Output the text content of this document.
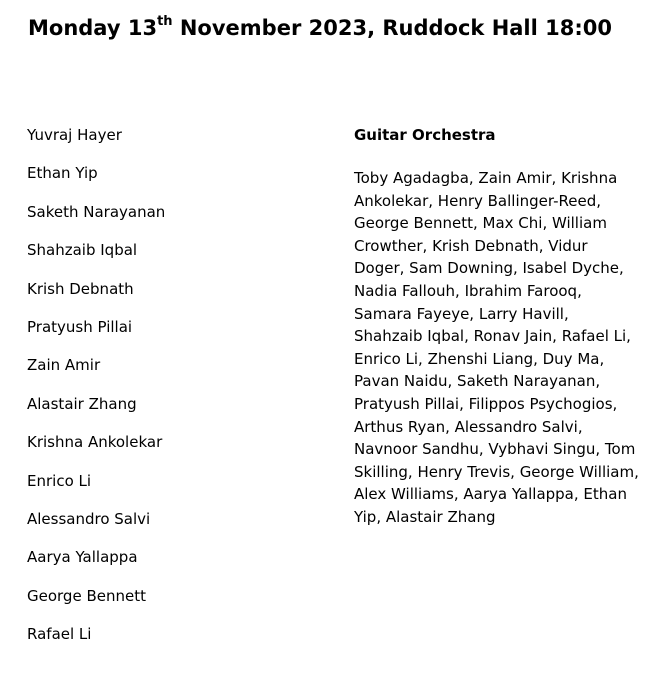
Monday 13th November 2023, Ruddock Hall 18:00
Yuvraj Hayer
Ethan Yip
Saketh Narayanan
Shahzaib Iqbal
Krish Debnath
Pratyush Pillai
Zain Amir
Alastair Zhang
Krishna Ankolekar
Enrico Li
Alessandro Salvi
Aarya Yallappa
George Bennett
Rafael Li
Guitar Orchestra

Toby Agadagba, Zain Amir, Krishna Ankolekar, Henry Ballinger-Reed, George Bennett, Max Chi, William Crowther, Krish Debnath, Vidur Doger, Sam Downing, Isabel Dyche, Nadia Fallouh, Ibrahim Farooq, Samara Fayeye, Larry Havill, Shahzaib Iqbal, Ronav Jain, Rafael Li, Enrico Li, Zhenshi Liang, Duy Ma, Pavan Naidu, Saketh Narayanan, Pratyush Pillai, Filippos Psychogios, Arthus Ryan, Alessandro Salvi, Navnoor Sandhu, Vybhavi Singu, Tom Skilling, Henry Trevis, George William, Alex Williams, Aarya Yallappa, Ethan Yip, Alastair Zhang
